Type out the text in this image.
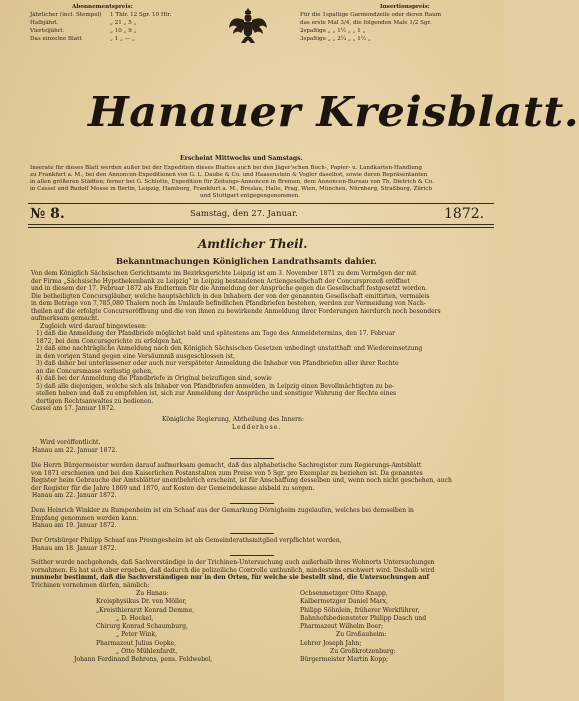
Abonnementspreis:
Jährlicher (incl. Stempel) 1 Thlr. 12 Sgr. 10 Hlr.
Halbjährl.	„ 21 „ 5 „
Vierteljährl.	„ 10 „ 9 „
Das einzelne Blatt	„ 1 „ — „
Insertionspreis:
Für die 1spaltige Garmondzeile oder deren Raum
das erste Mal 3/4, die folgenden Male 1/2 Sgr.
2spaltige „ „ 1½ „ „ 1 „
3spaltige „ „ 2¼ „ „ 1½ „
Hanauer Kreisblatt.
Erscheint Mittwochs und Samstags.
Inserate für dieses Blatt werden außer bei der Expedition dieses Blattes auch bei den Jäger'schen Buch-, Papier- u. Landkarten-Handlung
zu Frankfurt a. M., bei den Annoncen-Expeditionen von G. L. Daube & Co. und Haasenstein & Vogler daselbst, sowie deren Repräsentanten
in allen größeren Städten; ferner bei G. Schlotte, Expedition für Zeitungs-Annoncen in Bremen, dem Annoncen-Bureau von Th. Dietrich & Co.
in Cassel und Rudolf Mosse in Berlin, Leipzig, Hamburg, Frankfurt a. M., Breslau, Halle, Prag, Wien, München, Nürnberg, Straßburg, Zürich
und Stuttgart entgegengenommen.
№ 8.	Samstag, den 27. Januar.	1872.
Amtlicher Theil.
Bekanntmachungen Königlichen Landrathsamts dahier.
Von dem Königlich Sächsischen Gerichtsamte im Bezirksgerichte Leipzig ist am 3. November 1871 zu dem Vermögen der mit
der Firma „Sächsische Hypothekenbank zu Leipzig“ in Leipzig bestandenen Actiengesellschaft der Concursprozeß eröffnet
und in diesem der 17. Februar 1872 als Endtermin für die Anmeldung der Ansprüche gegen die Gesellschaft festgesetzt worden.
Die betheiligten Concursgläuber, welche hauptsächlich in den Inhabern der von der genannten Gesellschaft emittirten, vermaleis
in dem Betrage von 7,785,080 Thalern noch im Umlaufe befindlichen Pfandbriefen bestehen, werden zur Vermeidung von Nach-
theilen auf die erfolgte Concurseröffnung und die von ihnen zu bewirkende Anmeldung ihrer Forderungen hierdurch noch besonders
aufmerksam gemacht.
Zugleich wird darauf hingewiesen:
1) daß die Anmeldung der Pfandbriefe möglichst bald und spätestens am Tage des Anmeldetermins, den 17. Februar
1872, bei dem Concursgerichte zu erfolgen hat,
2) daß eine nachträgliche Anmeldung nach den Königlich Sächsischen Gesetzen unbedingt unstatthaft und Wiedereinsetzung
in den vorigen Stand gegen eine Versäumniß ausgeschlossen ist,
3) daß daher bei unterlassener oder auch nur verspäteter Anmeldung die Inhaber von Pfandbriefen aller ihrer Rechte
an die Concursmasse verlustig gehen,
4) daß bei der Anmeldung die Pfandbriefe in Original beizufügen sind, sowie
5) daß alle diejenigen, welche sich als Inhaber von Pfandbriefen anmelden, in Leipzig einen Bevollmächtigten zu be-
stellen haben und daß zu empfehlen ist, sich zur Anmeldung der Ansprüche und sonstiger Wahrung der Rechte eines
dortigen Rechtsanwaltes zu bedienen.
Cassel am 17. Januar 1872.
Königliche Regierung, Abtheilung des Innern:
Ledderhose.
Wird veröffentlicht.
Hanau am 22. Januar 1872.
Die Herrn Bürgermeister werden darauf aufmerksam gemacht, daß das alphabetische Sachregister zum Regierungs-Amtsblatt
von 1871 erschienen und bei den Kaiserlichen Postanstalten zum Preise von 5 Sgr. pro Exemplar zu beziehen ist. Da genanntes
Register beim Gebrauche der Amtsblätter unentbehrlich erscheint, ist für Anschaffung desselben und, wenn noch nicht geschehen, auch
der Register für die Jahre 1869 und 1870, auf Kosten der Gemeindekasse alsbald zu sorgen.
Hanau am 22. Januar 1872.
Dem Heinrich Winkler zu Rumpenheim ist ein Schaaf aus der Gemarkung Dörnigheim zugelaufen, welches bei demselben in
Empfang genommen werden kann.
Hanau am 19. Januar 1872.
Der Ortsbürger Philipp Schaaf aus Preungesheim ist als Gemeinderathsmitglied verpflichtet worden,
Hanau am 18. Januar 1872.
Seither wurde nachgehends, daß Sachverständige in der Trichinen-Untersuchung auch außerhalb ihres Wohnorts Untersuchungen
vornahmen. Es hat sich aber ergeben, daß dadurch die polizeiliche Controlle unthunlich, mindestens erschwert wird. Deshalb wird
nunmehr bestimmt, daß die Sachverständigen nur in den Orten, für welche sie bestellt sind, die Untersuchungen auf
Trichinen vornehmen dürfen, nämlich:
Zu Hanau:
Kreisphysikus Dr. von Möller,
„Kreisthierarzt Konrad Demme,
„ D. Heckel,
Chirurg Konrad Schaumburg,
„ Peter Wink,
Pharmazeut Julius Oepke,
„ Otto Mühlenfardt,
Johann Ferdinand Behrens, pens. Feldwebel,
Ochsenmetzger Otto Knapp,
Kalbermetzger Daniel Marx,
Philipp Söhnlein, früherer Werkführer,
Bahnhofsbediensteter Philipp Dasch und
Pharmazeut Wilhelm Boer;
Zu Großauheim:
Lehrer Joseph Jahn;
Zu Großkrotzenburg:
Bürgermeister Martin Kopp;
